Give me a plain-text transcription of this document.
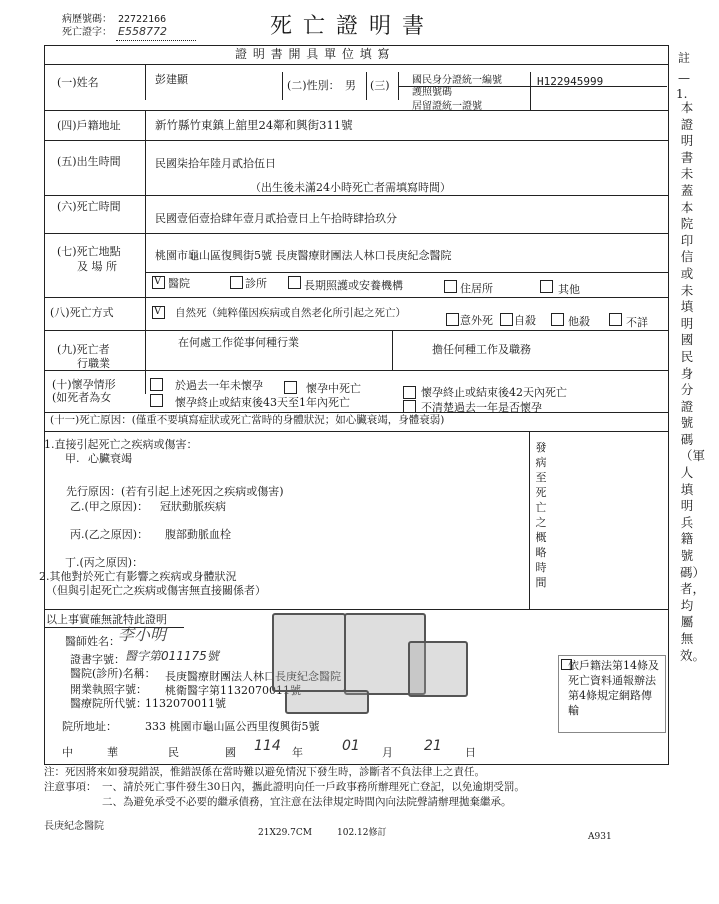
病歷號碼： 22722166
死亡證字： E558772	死 亡 證 明 書
註
—
1.
本證明書未蓋本院印信或未填明國民身分證號碼（軍人填明兵籍號碼）者，均屬無效。
證 明 書 開 具 單 位 填 寫
(一)姓名	彭建顯	(二)性別： 男 (三) 國民身分證統一編號
護照號碼
居留證統一證號
H122945999
(四)戶籍地址	新竹縣竹東鎮上舘里24鄰和興街311號
(五)出生時間	民國柒拾年陸月貳拾伍日
（出生後未滿24小時死亡者需填寫時間）
(六)死亡時間
民國壹佰壹拾肆年壹月貳拾壹日上午拾時肆拾玖分
(七)死亡地點
及 場 所
桃園市龜山區復興街5號 長庚醫療財團法人林口長庚紀念醫院
V 醫院	診所	長期照護或安養機構	住居所	其他
(八)死亡方式	V 自然死（純粹僅因疾病或自然老化所引起之死亡）
意外死 自殺	他殺	不詳
(九)死亡者
行職業
在何處工作從事何種行業
擔任何種工作及職務
(十)懷孕情形
(如死者為女
於過去一年未懷孕	懷孕中死亡	懷孕終止或結束後42天內死亡
懷孕終止或結束後43天至1年內死亡	不清楚過去一年是否懷孕
(十一)死亡原因：(僅重不要填寫症狀或死亡當時的身體狀況；如心臟衰竭，身體衰弱)
發病至死亡之概略時間
1.直接引起死亡之疾病或傷害：
甲. 心臟衰竭
先行原因：(若有引起上述死因之疾病或傷害)
乙.(甲之原因)： 冠狀動脈疾病
丙.(乙之原因)： 腹部動脈血栓
丁.(丙之原因)：
2.其他對於死亡有影響之疾病或身體狀況
（但與引起死亡之疾病或傷害無直接關係者）
以上事實確無訛特此證明
醫師姓名：
李小明
證書字號： 醫字第011175號
醫院(診所)名稱： 長庚醫療財團法人林口長庚紀念醫院
開業執照字號： 桃衛醫字第1132070011號
醫療院所代號：
1132070011號
院所地址：	333 桃園市龜山區公西里復興街5號
依戶籍法第14條及死亡資料通報辦法第4條規定網路傳輸
中	華	民	國 114 年	01 月 21 日
注：死因將來如發現錯誤，惟錯誤係在當時難以避免情況下發生時，診斷者不負法律上之責任。
注意事項： 一、請於死亡事件發生30日內，攜此證明向任一戶政事務所辦理死亡登記，以免逾期受罰。
二、為避免承受不必要的繼承債務，宜注意在法律規定時間內向法院聲請辦理拋棄繼承。
長庚紀念醫院
21X29.7CM	102.12修訂	A931
